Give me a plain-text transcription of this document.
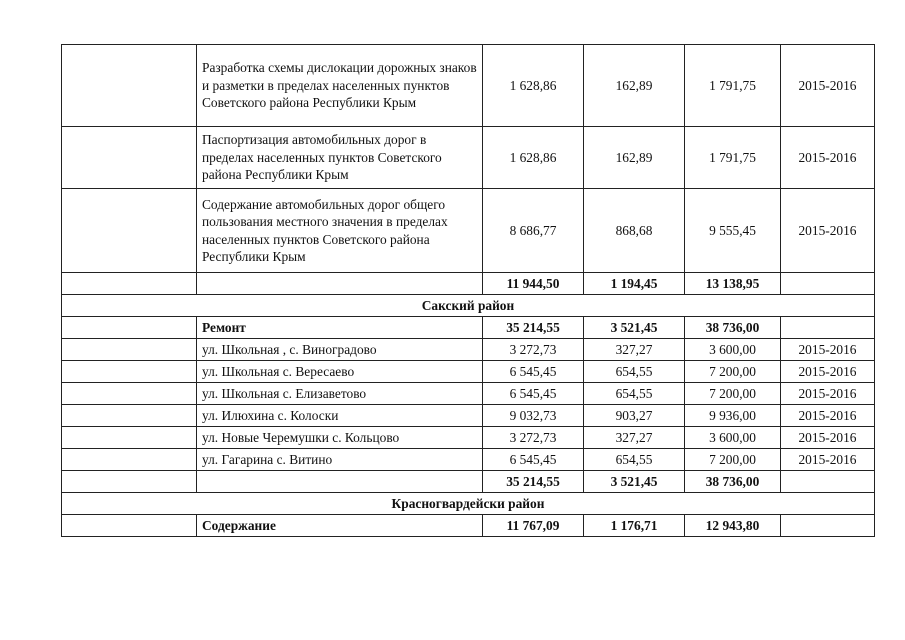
	Разработка схемы дислокации дорожных знаков и разметки в пределах населенных пунктов Советского района Республики Крым	1 628,86	162,89	1 791,75	2015-2016
	Паспортизация автомобильных дорог в пределах населенных пунктов Советского района Республики Крым	1 628,86	162,89	1 791,75	2015-2016
	Содержание автомобильных дорог общего пользования местного значения в пределах населенных пунктов Советского района Республики Крым	8 686,77	868,68	9 555,45	2015-2016
		11 944,50	1 194,45	13 138,95	
Сакский район					
	Ремонт	35 214,55	3 521,45	38 736,00	
	ул. Школьная , с. Виноградово	3 272,73	327,27	3 600,00	2015-2016
	ул. Школьная с. Вересаево	6 545,45	654,55	7 200,00	2015-2016
	ул. Школьная с. Елизаветово	6 545,45	654,55	7 200,00	2015-2016
	ул. Илюхина с. Колоски	9 032,73	903,27	9 936,00	2015-2016
	ул. Новые Черемушки с. Кольцово	3 272,73	327,27	3 600,00	2015-2016
	ул. Гагарина с. Витино	6 545,45	654,55	7 200,00	2015-2016
		35 214,55	3 521,45	38 736,00	
Красногвардейски район					
	Содержание	11 767,09	1 176,71	12 943,80	
